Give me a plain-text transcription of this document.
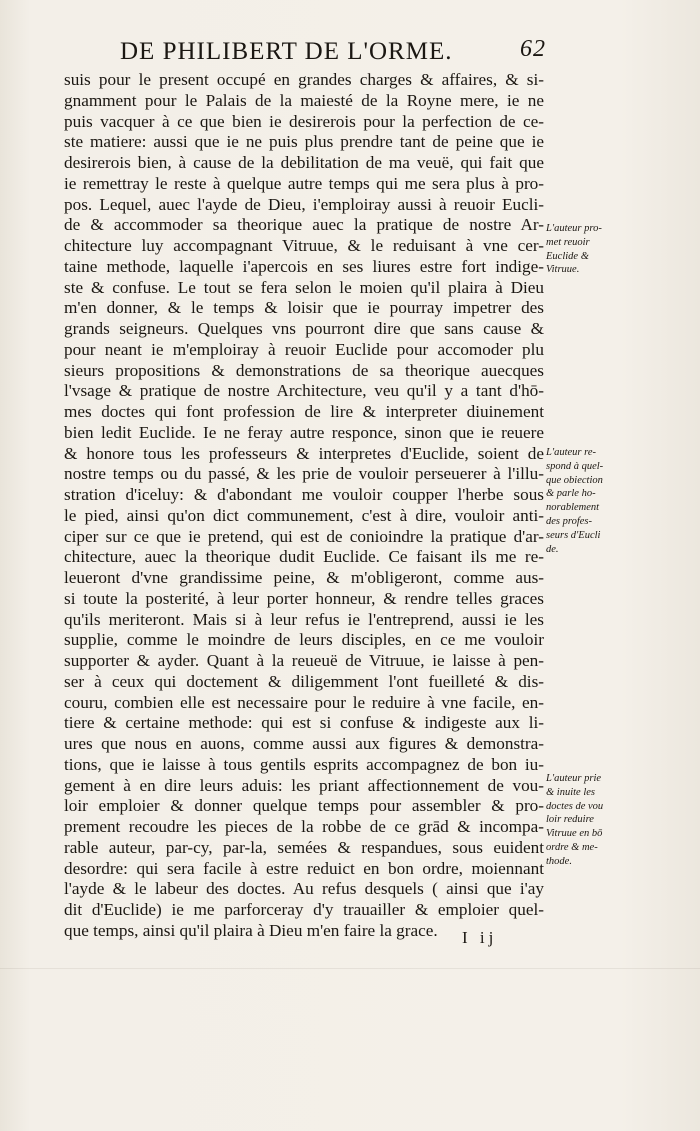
DE PHILIBERT DE L'ORME.	62
suis pour le present occupé en grandes charges & affaires, & si-
gnamment pour le Palais de la maiesté de la Royne mere, ie ne
puis vacquer à ce que bien ie desirerois pour la perfection de ce-
ste matiere: aussi que ie ne puis plus prendre tant de peine que ie
desirerois bien, à cause de la debilitation de ma veuë, qui fait que
ie remettray le reste à quelque autre temps qui me sera plus à pro-
pos. Lequel, auec l'ayde de Dieu, i'emploiray aussi à reuoir Eucli-
de & accommoder sa theorique auec la pratique de nostre Ar-
chitecture luy accompagnant Vitruue, & le reduisant à vne cer-
taine methode, laquelle i'apercois en ses liures estre fort indige-
ste & confuse. Le tout se fera selon le moien qu'il plaira à Dieu
m'en donner, & le temps & loisir que ie pourray impetrer des
grands seigneurs. Quelques vns pourront dire que sans cause &
pour neant ie m'emploiray à reuoir Euclide pour accomoder plu
sieurs propositions & demonstrations de sa theorique auecques
l'vsage & pratique de nostre Architecture, veu qu'il y a tant d'hō-
mes doctes qui font profession de lire & interpreter diuinement
bien ledit Euclide. Ie ne feray autre responce, sinon que ie reuere
& honore tous les professeurs & interpretes d'Euclide, soient de
nostre temps ou du passé, & les prie de vouloir perseuerer à l'illu-
stration d'iceluy: & d'abondant me vouloir coupper l'herbe sous
le pied, ainsi qu'on dict communement, c'est à dire, vouloir anti-
ciper sur ce que ie pretend, qui est de conioindre la pratique d'ar-
chitecture, auec la theorique dudit Euclide. Ce faisant ils me re-
leueront d'vne grandissime peine, & m'obligeront, comme aus-
si toute la posterité, à leur porter honneur, & rendre telles graces
qu'ils meriteront. Mais si à leur refus ie l'entreprend, aussi ie les
supplie, comme le moindre de leurs disciples, en ce me vouloir
supporter & ayder. Quant à la reueuë de Vitruue, ie laisse à pen-
ser à ceux qui doctement & diligemment l'ont fueilleté & dis-
couru, combien elle est necessaire pour le reduire à vne facile, en-
tiere & certaine methode: qui est si confuse & indigeste aux li-
ures que nous en auons, comme aussi aux figures & demonstra-
tions, que ie laisse à tous gentils esprits accompagnez de bon iu-
gement à en dire leurs aduis: les priant affectionnement de vou-
loir emploier & donner quelque temps pour assembler & pro-
prement recoudre les pieces de la robbe de ce grād & incompa-
rable auteur, par-cy, par-la, semées & respandues, sous euident
desordre: qui sera facile à estre reduict en bon ordre, moiennant
l'ayde & le labeur des doctes. Au refus desquels ( ainsi que i'ay
dit d'Euclide) ie me parforceray d'y trauailler & emploier quel-
que temps, ainsi qu'il plaira à Dieu m'en faire la grace.
L'auteur pro-
met reuoir
Euclide &
Vitruue.
L'auteur re-
spond à quel-
que obiection
& parle ho-
norablement
des profes-
seurs d'Eucli
de.
L'auteur prie
& inuite les
doctes de vou
loir reduire
Vitruue en bō
ordre & me-
thode.
I ij
